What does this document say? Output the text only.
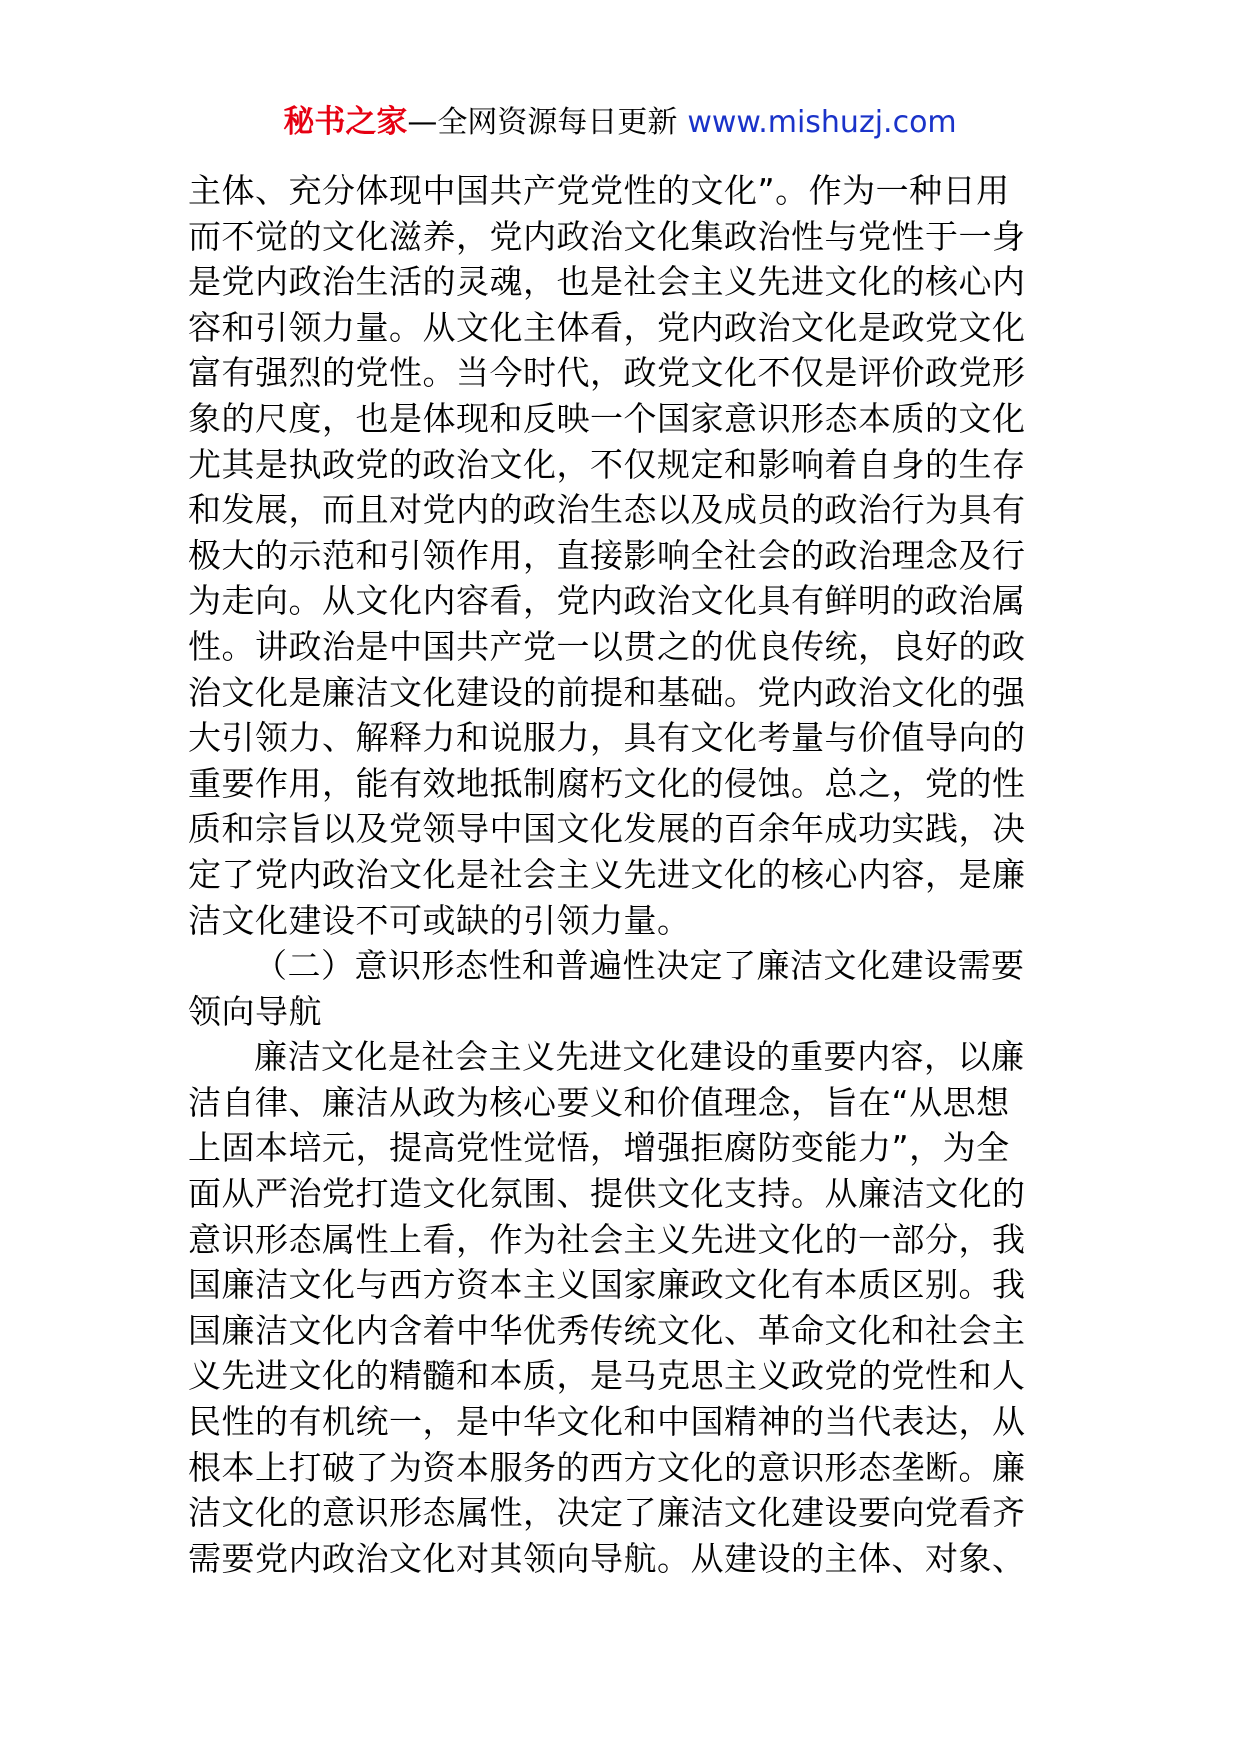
秘书之家—全网资源每日更新 www.mishuzj.com
主体、充分体现中国共产党党性的文化”。作为一种日用
而不觉的文化滋养，党内政治文化集政治性与党性于一身
是党内政治生活的灵魂，也是社会主义先进文化的核心内
容和引领力量。从文化主体看，党内政治文化是政党文化
富有强烈的党性。当今时代，政党文化不仅是评价政党形
象的尺度，也是体现和反映一个国家意识形态本质的文化
尤其是执政党的政治文化，不仅规定和影响着自身的生存
和发展，而且对党内的政治生态以及成员的政治行为具有
极大的示范和引领作用，直接影响全社会的政治理念及行
为走向。从文化内容看，党内政治文化具有鲜明的政治属
性。讲政治是中国共产党一以贯之的优良传统，良好的政
治文化是廉洁文化建设的前提和基础。党内政治文化的强
大引领力、解释力和说服力，具有文化考量与价值导向的
重要作用，能有效地抵制腐朽文化的侵蚀。总之，党的性
质和宗旨以及党领导中国文化发展的百余年成功实践，决
定了党内政治文化是社会主义先进文化的核心内容，是廉
洁文化建设不可或缺的引领力量。
（二）意识形态性和普遍性决定了廉洁文化建设需要
领向导航
廉洁文化是社会主义先进文化建设的重要内容，以廉
洁自律、廉洁从政为核心要义和价值理念，旨在“从思想
上固本培元，提高党性觉悟，增强拒腐防变能力”，为全
面从严治党打造文化氛围、提供文化支持。从廉洁文化的
意识形态属性上看，作为社会主义先进文化的一部分，我
国廉洁文化与西方资本主义国家廉政文化有本质区别。我
国廉洁文化内含着中华优秀传统文化、革命文化和社会主
义先进文化的精髓和本质，是马克思主义政党的党性和人
民性的有机统一，是中华文化和中国精神的当代表达，从
根本上打破了为资本服务的西方文化的意识形态垄断。廉
洁文化的意识形态属性，决定了廉洁文化建设要向党看齐
需要党内政治文化对其领向导航。从建设的主体、对象、
